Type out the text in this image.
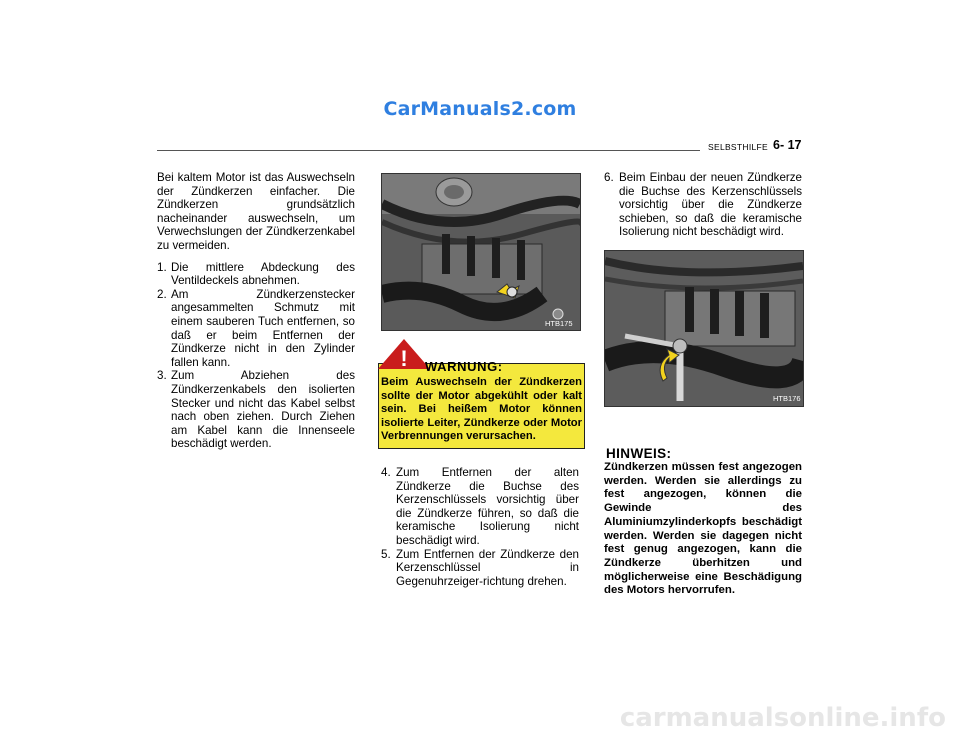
CarManuals2.com
SELBSTHILFE 6- 17

Bei kaltem Motor ist das Auswechseln der Zündkerzen einfacher. Die Zündkerzen grundsätzlich nacheinander auswechseln, um Verwechslungen der Zündkerzenkabel zu vermeiden.

1. Die mittlere Abdeckung des Ventildeckels abnehmen.
2. Am Zündkerzenstecker angesammelten Schmutz mit einem sauberen Tuch entfernen, so daß er beim Entfernen der Zündkerze nicht in den Zylinder fallen kann.
3. Zum Abziehen des Zündkerzenkabels den isolierten Stecker und nicht das Kabel selbst nach oben ziehen. Durch Ziehen am Kabel kann die Innenseele beschädigt werden.
HTB175
! WARNUNG:
Beim Auswechseln der Zündkerzen sollte der Motor abgekühlt oder kalt sein. Bei heißem Motor können isolierte Leiter, Zündkerze oder Motor Verbrennungen verursachen.
4. Zum Entfernen der alten Zündkerze die Buchse des Kerzenschlüssels vorsichtig über die Zündkerze führen, so daß die keramische Isolierung nicht beschädigt wird.
5. Zum Entfernen der Zündkerze den Kerzenschlüssel in Gegenuhrzeiger-richtung drehen.
6. Beim Einbau der neuen Zündkerze die Buchse des Kerzenschlüssels vorsichtig über die Zündkerze schieben, so daß die keramische Isolierung nicht beschädigt wird.
HTB176
HINWEIS:
Zündkerzen müssen fest angezogen werden. Werden sie allerdings zu fest angezogen, können die Gewinde des Aluminiumzylinderkopfs beschädigt werden. Werden sie dagegen nicht fest genug angezogen, kann die Zündkerze überhitzen und möglicherweise eine Beschädigung des Motors hervorrufen.
carmanualsonline.info
